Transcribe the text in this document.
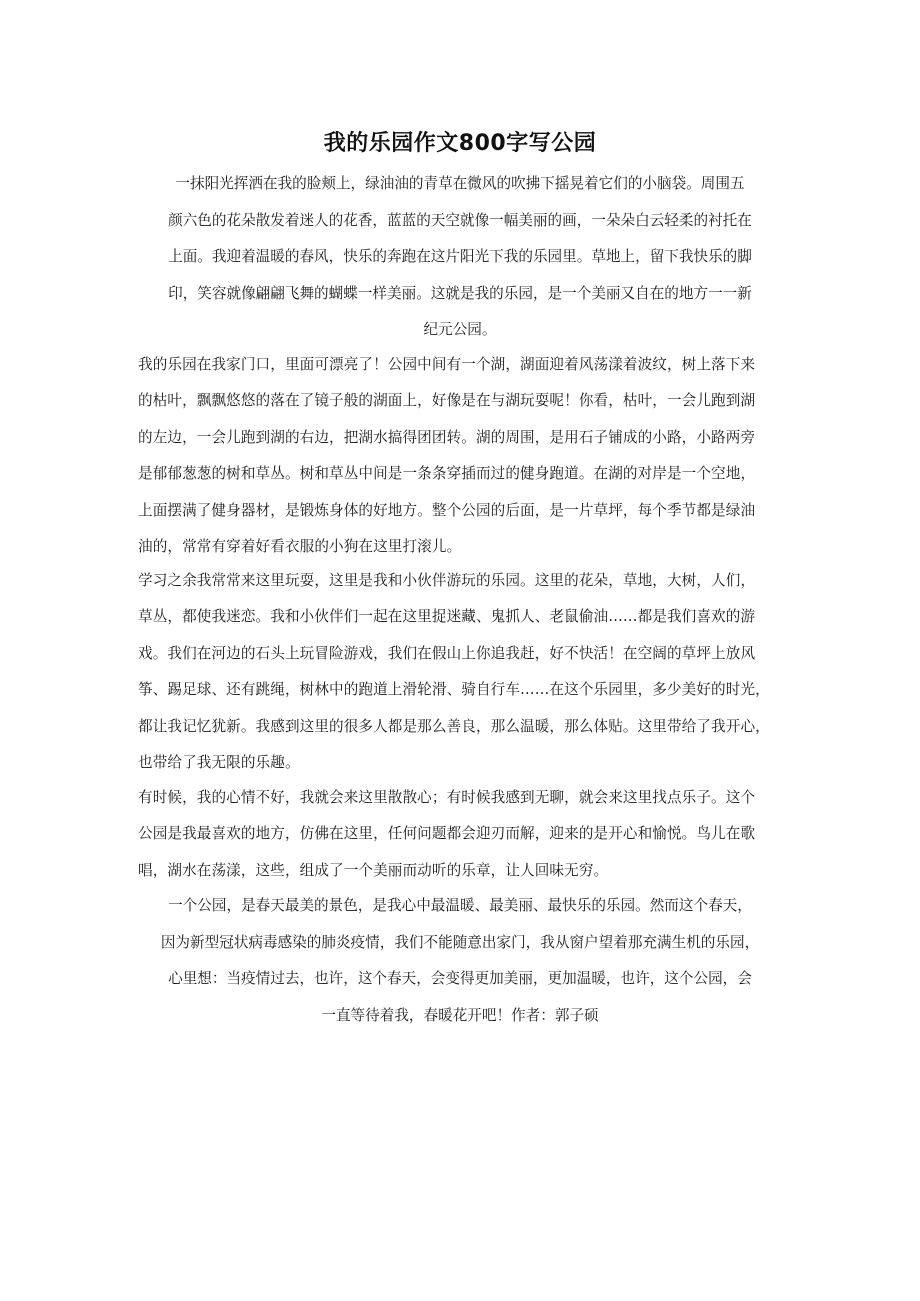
我的乐园作文800字写公园
一抹阳光挥洒在我的脸颊上，绿油油的青草在微风的吹拂下摇晃着它们的小脑袋。周围五
颜六色的花朵散发着迷人的花香，蓝蓝的天空就像一幅美丽的画，一朵朵白云轻柔的衬托在
上面。我迎着温暖的春风，快乐的奔跑在这片阳光下我的乐园里。草地上，留下我快乐的脚
印，笑容就像翩翩飞舞的蝴蝶一样美丽。这就是我的乐园，是一个美丽又自在的地方一一新
纪元公园。
我的乐园在我家门口，里面可漂亮了！公园中间有一个湖，湖面迎着风荡漾着波纹，树上落下来
的枯叶，飘飘悠悠的落在了镜子般的湖面上，好像是在与湖玩耍呢！你看，枯叶，一会儿跑到湖
的左边，一会儿跑到湖的右边，把湖水搞得团团转。湖的周围，是用石子铺成的小路，小路两旁
是郁郁葱葱的树和草丛。树和草丛中间是一条条穿插而过的健身跑道。在湖的对岸是一个空地，
上面摆满了健身器材，是锻炼身体的好地方。整个公园的后面，是一片草坪，每个季节都是绿油
油的，常常有穿着好看衣服的小狗在这里打滚儿。
学习之余我常常来这里玩耍，这里是我和小伙伴游玩的乐园。这里的花朵，草地，大树，人们，
草丛，都使我迷恋。我和小伙伴们一起在这里捉迷藏、鬼抓人、老鼠偷油……都是我们喜欢的游
戏。我们在河边的石头上玩冒险游戏，我们在假山上你追我赶，好不快活！在空阔的草坪上放风
筝、踢足球、还有跳绳，树林中的跑道上滑轮滑、骑自行车……在这个乐园里，多少美好的时光，
都让我记忆犹新。我感到这里的很多人都是那么善良，那么温暖，那么体贴。这里带给了我开心，
也带给了我无限的乐趣。
有时候，我的心情不好，我就会来这里散散心；有时候我感到无聊，就会来这里找点乐子。这个
公园是我最喜欢的地方，仿佛在这里，任何问题都会迎刃而解，迎来的是开心和愉悦。鸟儿在歌
唱，湖水在荡漾，这些，组成了一个美丽而动听的乐章，让人回味无穷。
一个公园，是春天最美的景色，是我心中最温暖、最美丽、最快乐的乐园。然而这个春天，
因为新型冠状病毒感染的肺炎疫情，我们不能随意出家门，我从窗户望着那充满生机的乐园，
心里想：当疫情过去，也许，这个春天，会变得更加美丽，更加温暖，也许，这个公园，会
一直等待着我，春暖花开吧！作者：郭子硕
